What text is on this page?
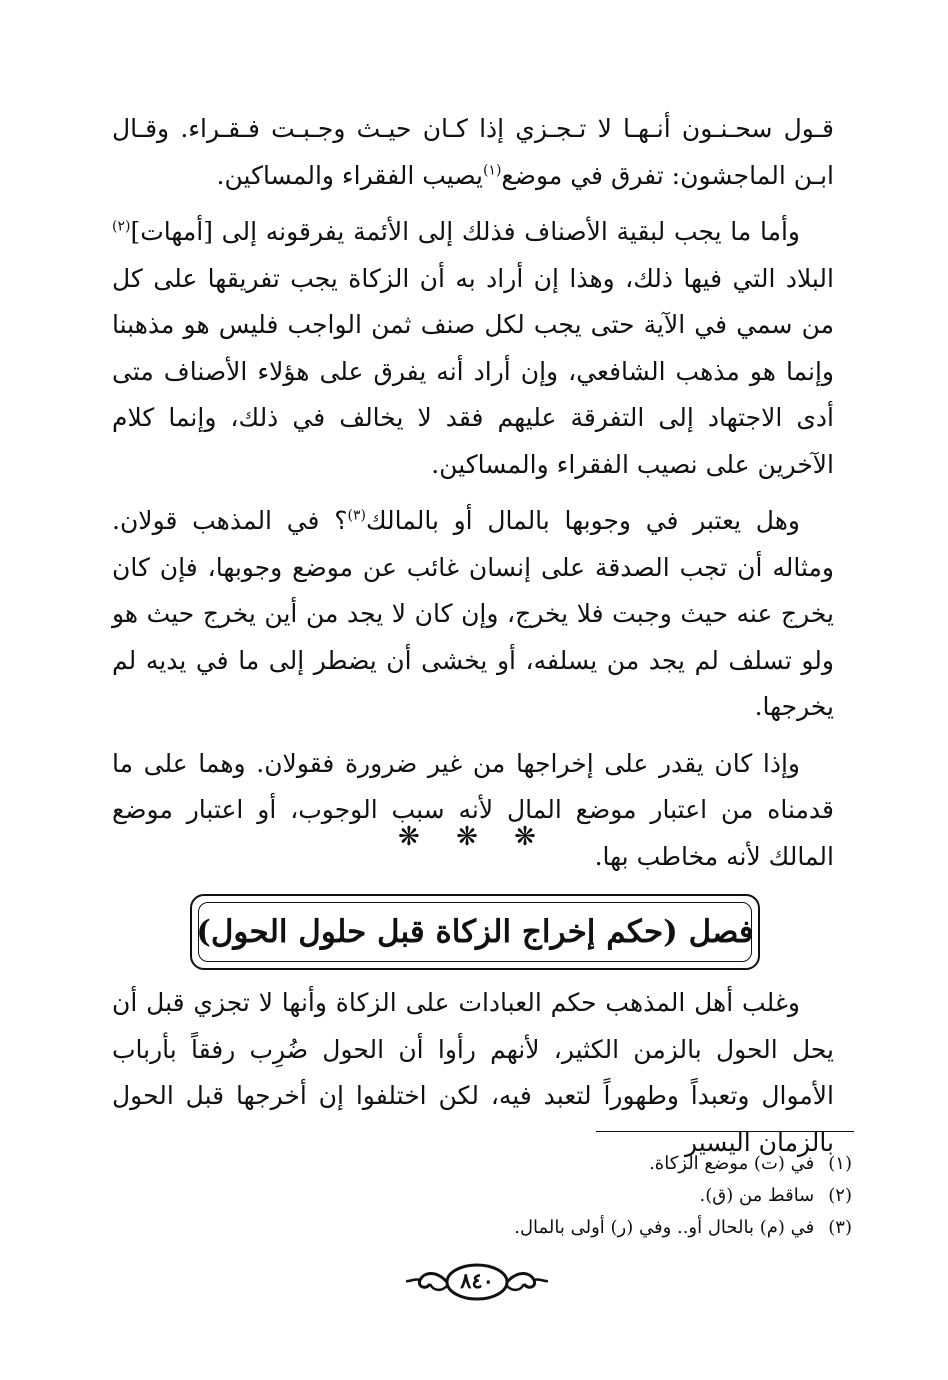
قـول سحـنـون أنـهـا لا تـجـزي إذا كـان حيـث وجـبـت فـقـراء. وقـال ابـن الماجشون: تفرق في موضع$^{(١)}$يصيب الفقراء والمساكين.

وأما ما يجب لبقية الأصناف فذلك إلى الأئمة يفرقونه إلى [أمهات]$^{(٢)}$ البلاد التي فيها ذلك، وهذا إن أراد به أن الزكاة يجب تفريقها على كل من سمي في الآية حتى يجب لكل صنف ثمن الواجب فليس هو مذهبنا وإنما هو مذهب الشافعي، وإن أراد أنه يفرق على هؤلاء الأصناف متى أدى الاجتهاد إلى التفرقة عليهم فقد لا يخالف في ذلك، وإنما كلام الآخرين على نصيب الفقراء والمساكين.

وهل يعتبر في وجوبها بالمال أو بالمالك$^{(٣)}$؟ في المذهب قولان. ومثاله أن تجب الصدقة على إنسان غائب عن موضع وجوبها، فإن كان يخرج عنه حيث وجبت فلا يخرج، وإن كان لا يجد من أين يخرج حيث هو ولو تسلف لم يجد من يسلفه، أو يخشى أن يضطر إلى ما في يديه لم يخرجها.

وإذا كان يقدر على إخراجها من غير ضرورة فقولان. وهما على ما قدمناه من اعتبار موضع المال لأنه سبب الوجوب، أو اعتبار موضع المالك لأنه مخاطب بها.

❋ ❋ ❋
فصل (حكم إخراج الزكاة قبل حلول الحول)

وغلب أهل المذهب حكم العبادات على الزكاة وأنها لا تجزي قبل أن يحل الحول بالزمن الكثير، لأنهم رأوا أن الحول ضُرِب رفقاً بأرباب الأموال وتعبداً وطهوراً لتعبد فيه، لكن اختلفوا إن أخرجها قبل الحول بالزمان اليسير

(١)
في (ت) موضع الزكاة.
(٢)
ساقط من (ق).
(٣)
في (م) بالحال أو.. وفي (ر) أولى بالمال.
٨٤٠
